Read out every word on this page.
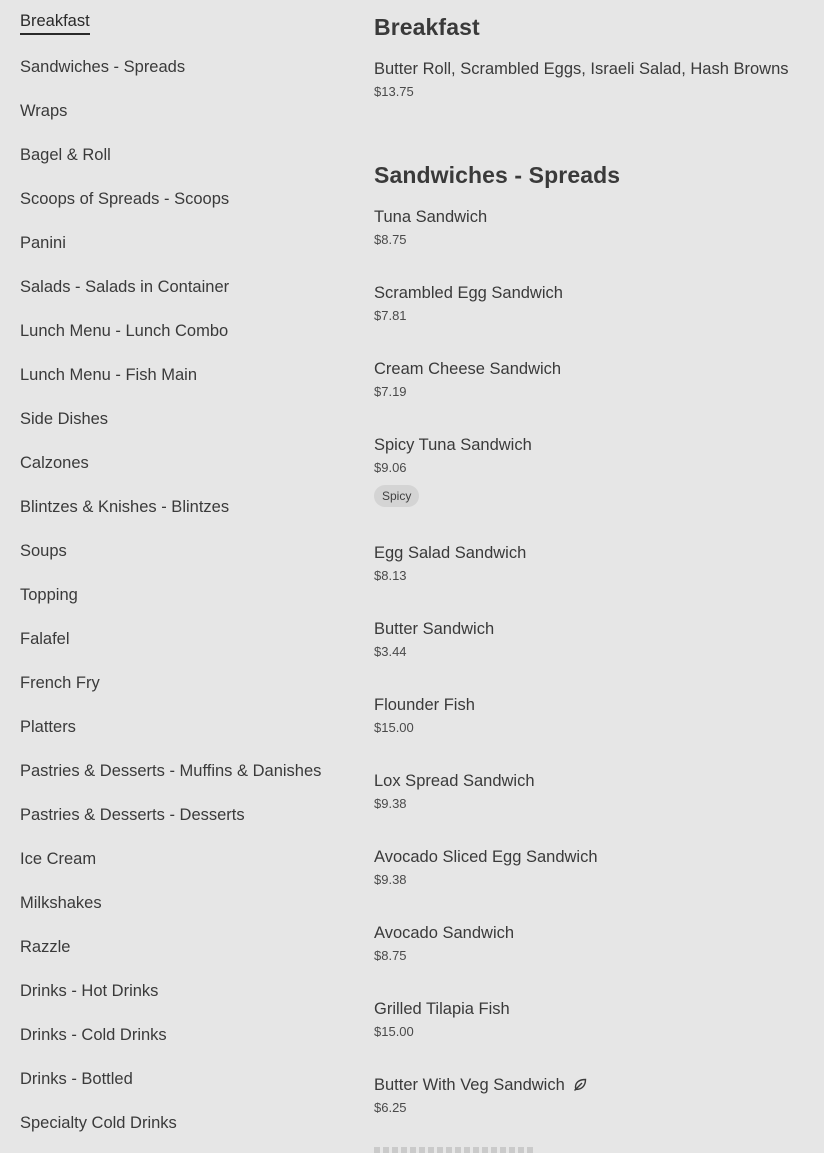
Breakfast
Sandwiches - Spreads
Wraps
Bagel & Roll
Scoops of Spreads - Scoops
Panini
Salads - Salads in Container
Lunch Menu - Lunch Combo
Lunch Menu - Fish Main
Side Dishes
Calzones
Blintzes & Knishes - Blintzes
Soups
Topping
Falafel
French Fry
Platters
Pastries & Desserts - Muffins & Danishes
Pastries & Desserts - Desserts
Ice Cream
Milkshakes
Razzle
Drinks - Hot Drinks
Drinks - Cold Drinks
Drinks - Bottled
Specialty Cold Drinks
Breakfast
Butter Roll, Scrambled Eggs, Israeli Salad, Hash Browns
$13.75
Sandwiches - Spreads
Tuna Sandwich
$8.75
Scrambled Egg Sandwich
$7.81
Cream Cheese Sandwich
$7.19
Spicy Tuna Sandwich
$9.06
Spicy
Egg Salad Sandwich
$8.13
Butter Sandwich
$3.44
Flounder Fish
$15.00
Lox Spread Sandwich
$9.38
Avocado Sliced Egg Sandwich
$9.38
Avocado Sandwich
$8.75
Grilled Tilapia Fish
$15.00
Butter With Veg Sandwich
$6.25
